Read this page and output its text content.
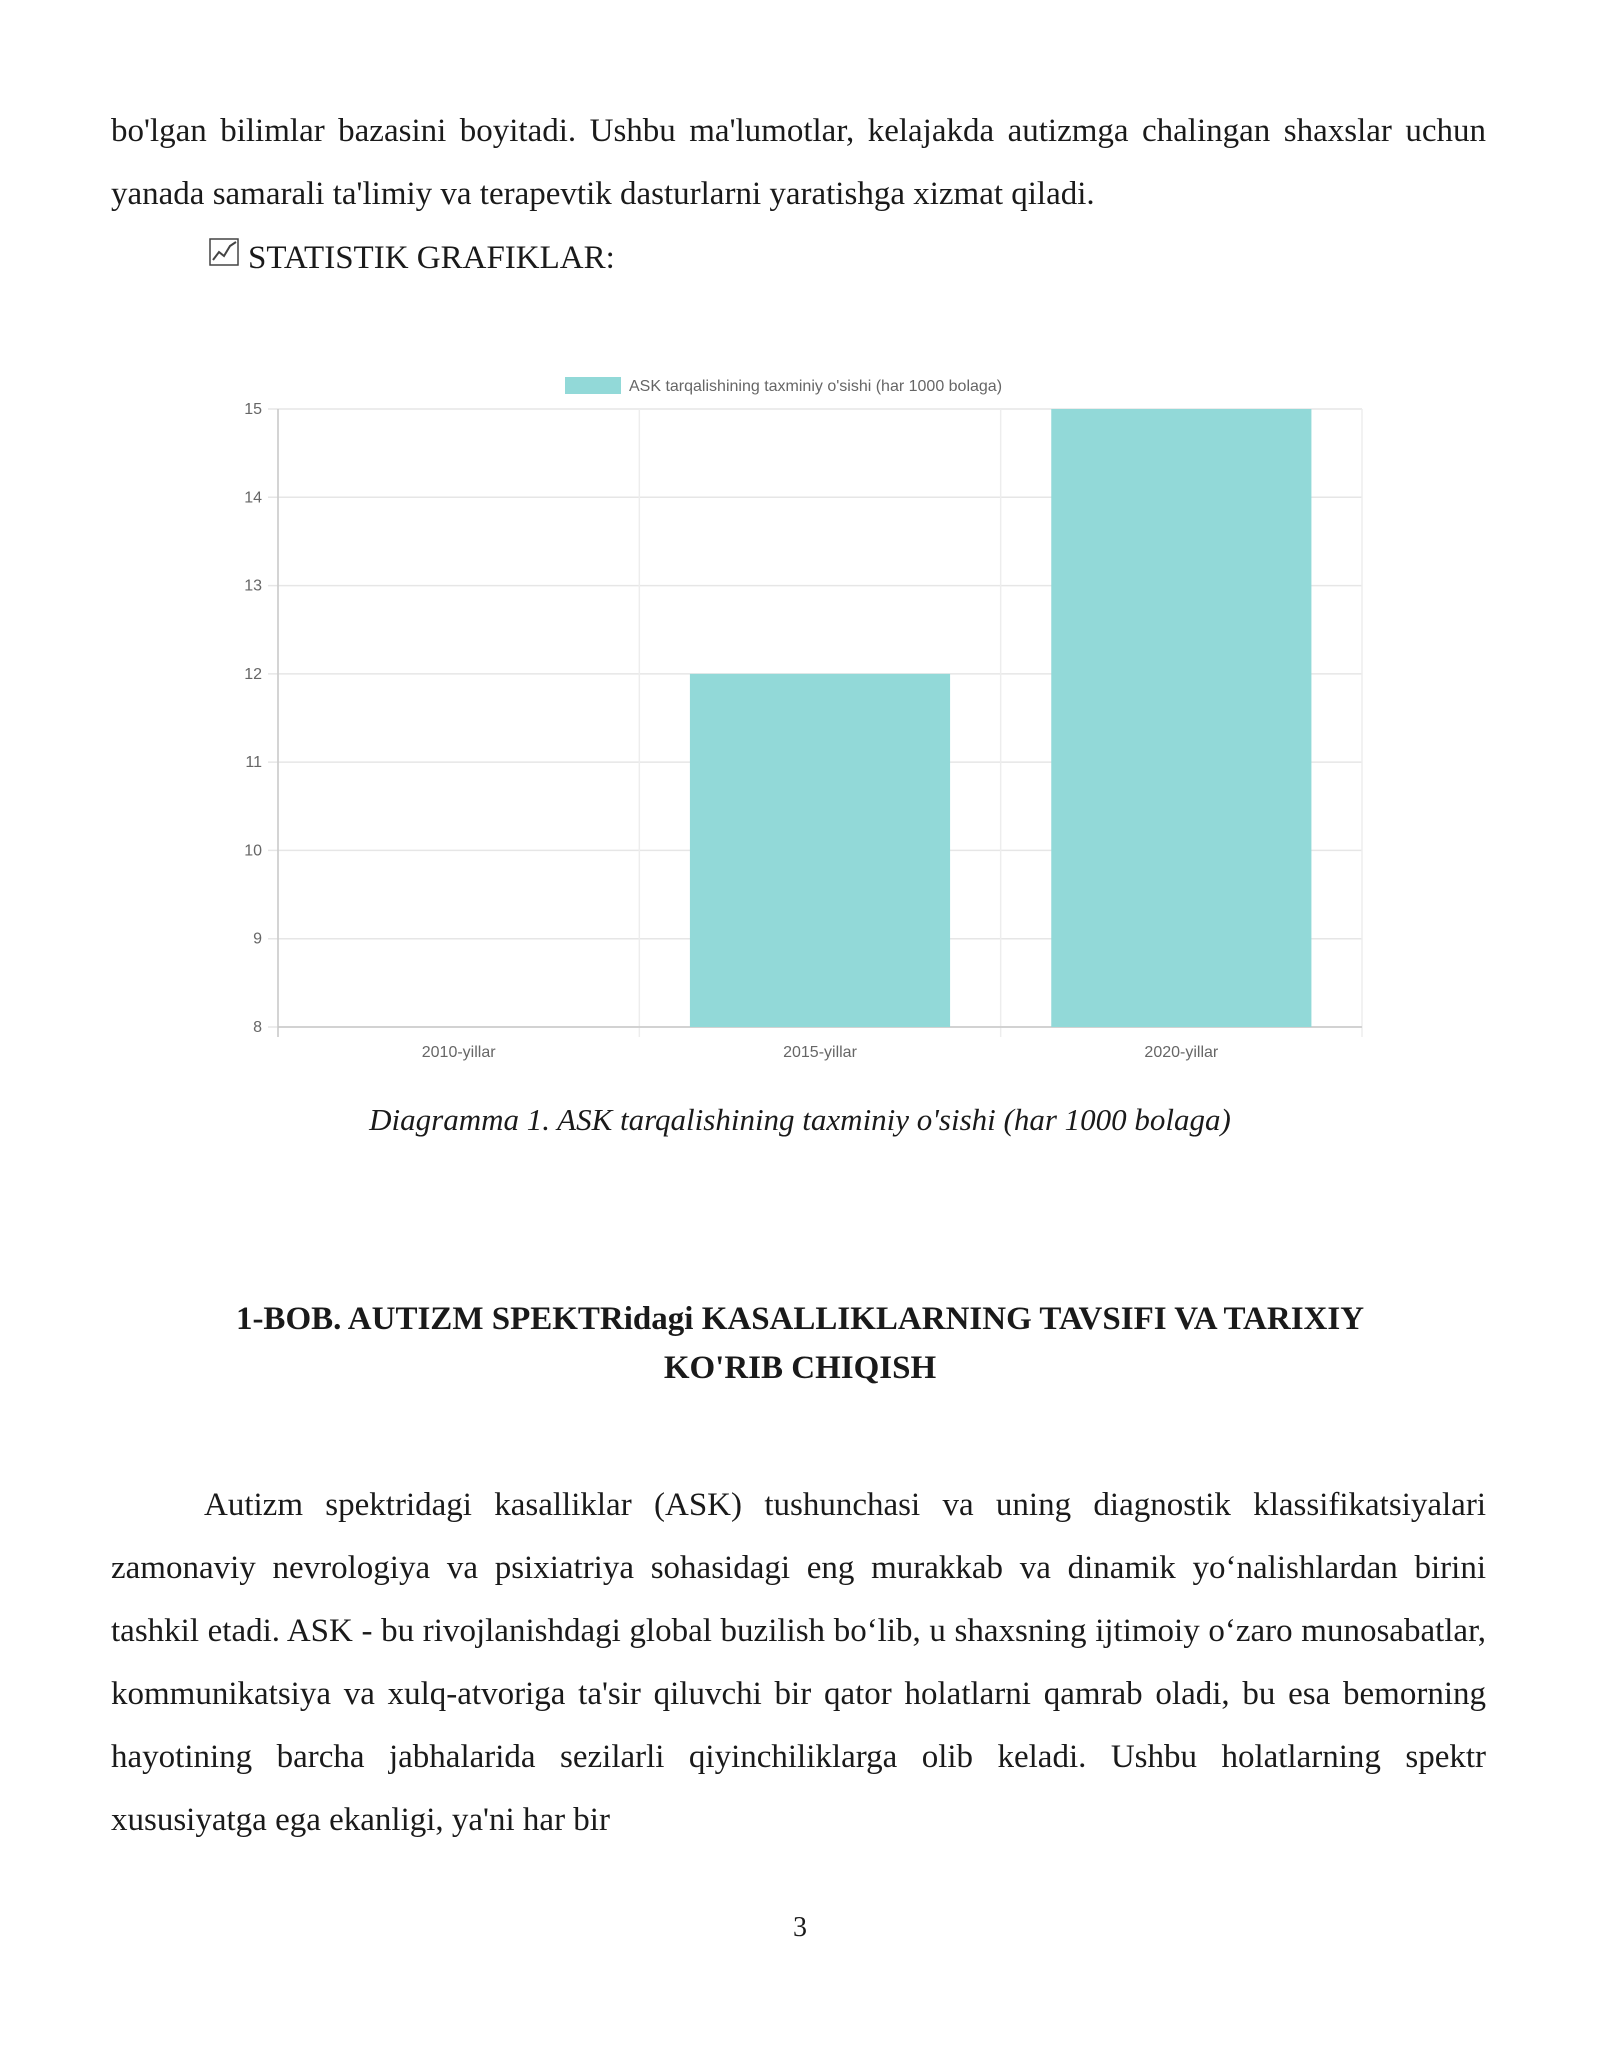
bo'lgan bilimlar bazasini boyitadi. Ushbu ma'lumotlar, kelajakda autizmga chalingan shaxslar uchun yanada samarali ta'limiy va terapevtik dasturlarni yaratishga xizmat qiladi.

STATISTIK GRAFIKLAR:
8
9
10
11
12
13
14
15
2010-yillar	2015-yillar	2020-yillar
ASK tarqalishining taxminiy o'sishi (har 1000 bolaga)
Diagramma 1. ASK tarqalishining taxminiy o'sishi (har 1000 bolaga)
1-BOB. AUTIZM SPEKTRidagi KASALLIKLARNING TAVSIFI VA TARIXIY
KO'RIB CHIQISH

Autizm spektridagi kasalliklar (ASK) tushunchasi va uning diagnostik klassifikatsiyalari zamonaviy nevrologiya va psixiatriya sohasidagi eng murakkab va dinamik yo‘nalishlardan birini tashkil etadi. ASK - bu rivojlanishdagi global buzilish bo‘lib, u shaxsning ijtimoiy o‘zaro munosabatlar, kommunikatsiya va xulq-atvoriga ta'sir qiluvchi bir qator holatlarni qamrab oladi, bu esa bemorning hayotining barcha jabhalarida sezilarli qiyinchiliklarga olib keladi. Ushbu holatlarning spektr xususiyatga ega ekanligi, ya'ni har bir

3
